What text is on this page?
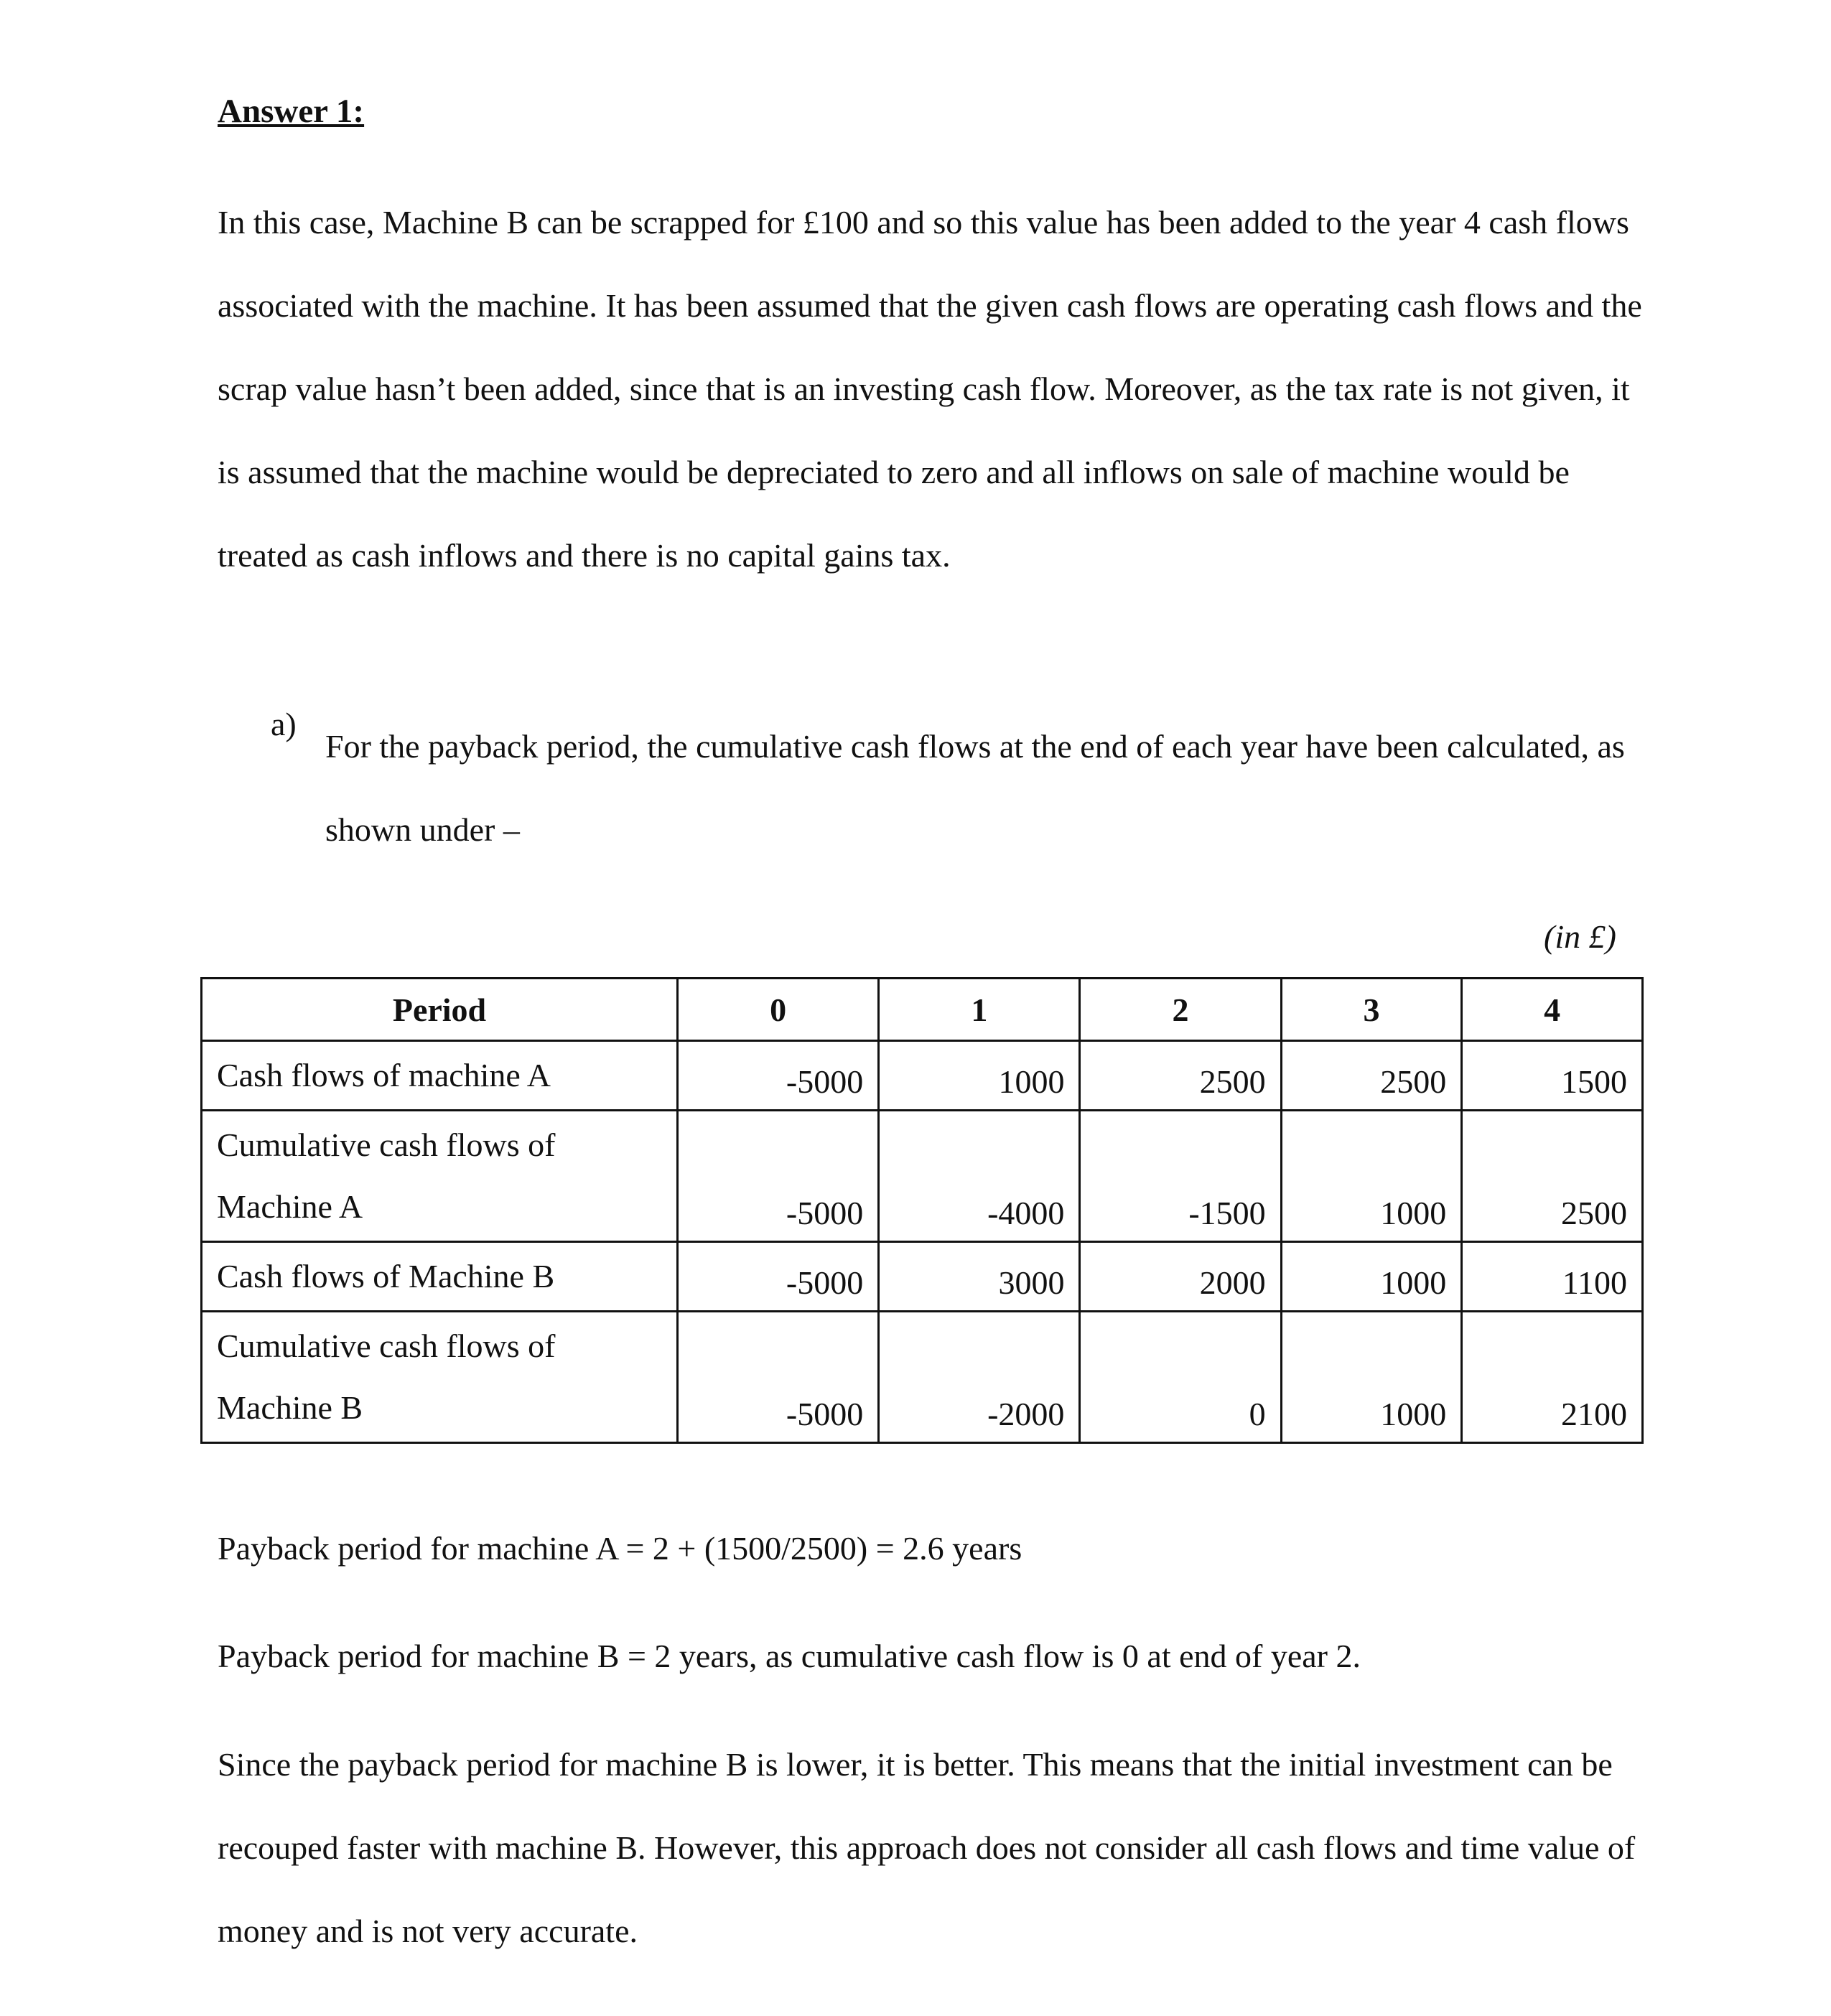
Answer 1:
In this case, Machine B can be scrapped for £100 and so this value has been added to the year 4 cash flows associated with the machine. It has been assumed that the given cash flows are operating cash flows and the scrap value hasn’t been added, since that is an investing cash flow. Moreover, as the tax rate is not given, it is assumed that the machine would be depreciated to zero and all inflows on sale of machine would be treated as cash inflows and there is no capital gains tax.
a)
For the payback period, the cumulative cash flows at the end of each year have been calculated, as shown under –
(in £)
Period	0	1	2	3	4
Cash flows of machine A	-5000	1000	2500	2500	1500
Cumulative cash flows of Machine A	-5000	-4000	-1500	1000	2500
Cash flows of Machine B	-5000	3000	2000	1000	1100
Cumulative cash flows of Machine B	-5000	-2000	0	1000	2100
Payback period for machine A = 2 + (1500/2500) = 2.6 years
Payback period for machine B = 2 years, as cumulative cash flow is 0 at end of year 2.
Since the payback period for machine B is lower, it is better. This means that the initial investment can be recouped faster with machine B. However, this approach does not consider all cash flows and time value of money and is not very accurate.
